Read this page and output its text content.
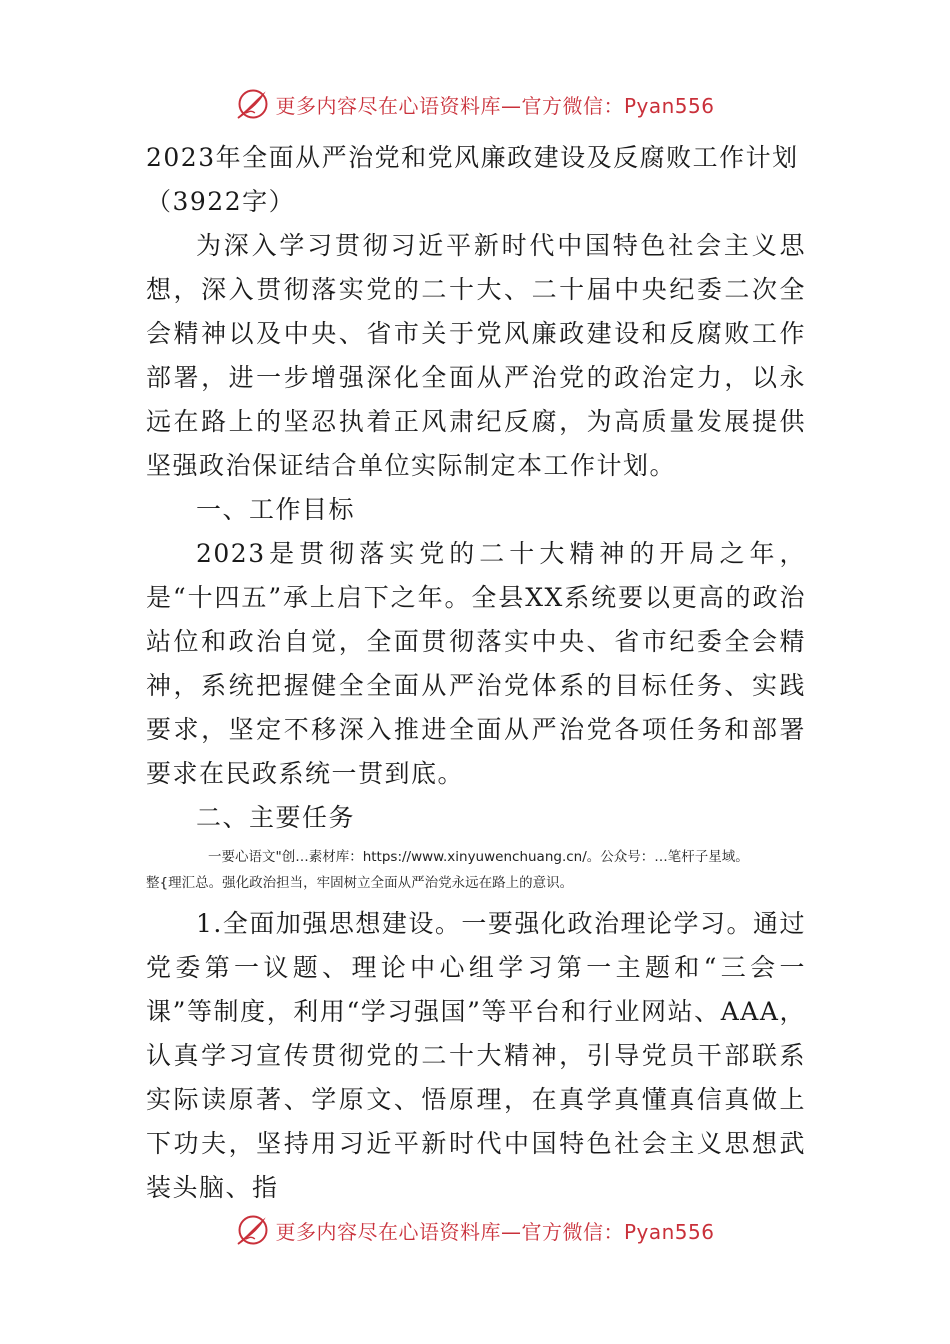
更多内容尽在心语资料库—官方微信：Pyan556

2023年全面从严治党和党风廉政建设及反腐败工作计划

（3922字）

为深入学习贯彻习近平新时代中国特色社会主义思想，深入贯彻落实党的二十大、二十届中央纪委二次全会精神以及中央、省市关于党风廉政建设和反腐败工作部署，进一步增强深化全面从严治党的政治定力，以永远在路上的坚忍执着正风肃纪反腐，为高质量发展提供坚强政治保证结合单位实际制定本工作计划。

一、工作目标

2023是贯彻落实党的二十大精神的开局之年，是“十四五”承上启下之年。全县XX系统要以更高的政治站位和政治自觉，全面贯彻落实中央、省市纪委全会精神，系统把握健全全面从严治党体系的目标任务、实践要求，坚定不移深入推进全面从严治党各项任务和部署要求在民政系统一贯到底。

二、主要任务

一要心语文"创…素材库：https://www.xinyuwenchuang.cn/。公众号：…笔杆子星域。
整{理汇总。强化政治担当，牢固树立全面从严治党永远在路上的意识。

1.全面加强思想建设。一要强化政治理论学习。通过党委第一议题、理论中心组学习第一主题和“三会一课”等制度，利用“学习强国”等平台和行业网站、AAA，认真学习宣传贯彻党的二十大精神，引导党员干部联系实际读原著、学原文、悟原理，在真学真懂真信真做上下功夫，坚持用习近平新时代中国特色社会主义思想武装头脑、指

更多内容尽在心语资料库—官方微信：Pyan556
